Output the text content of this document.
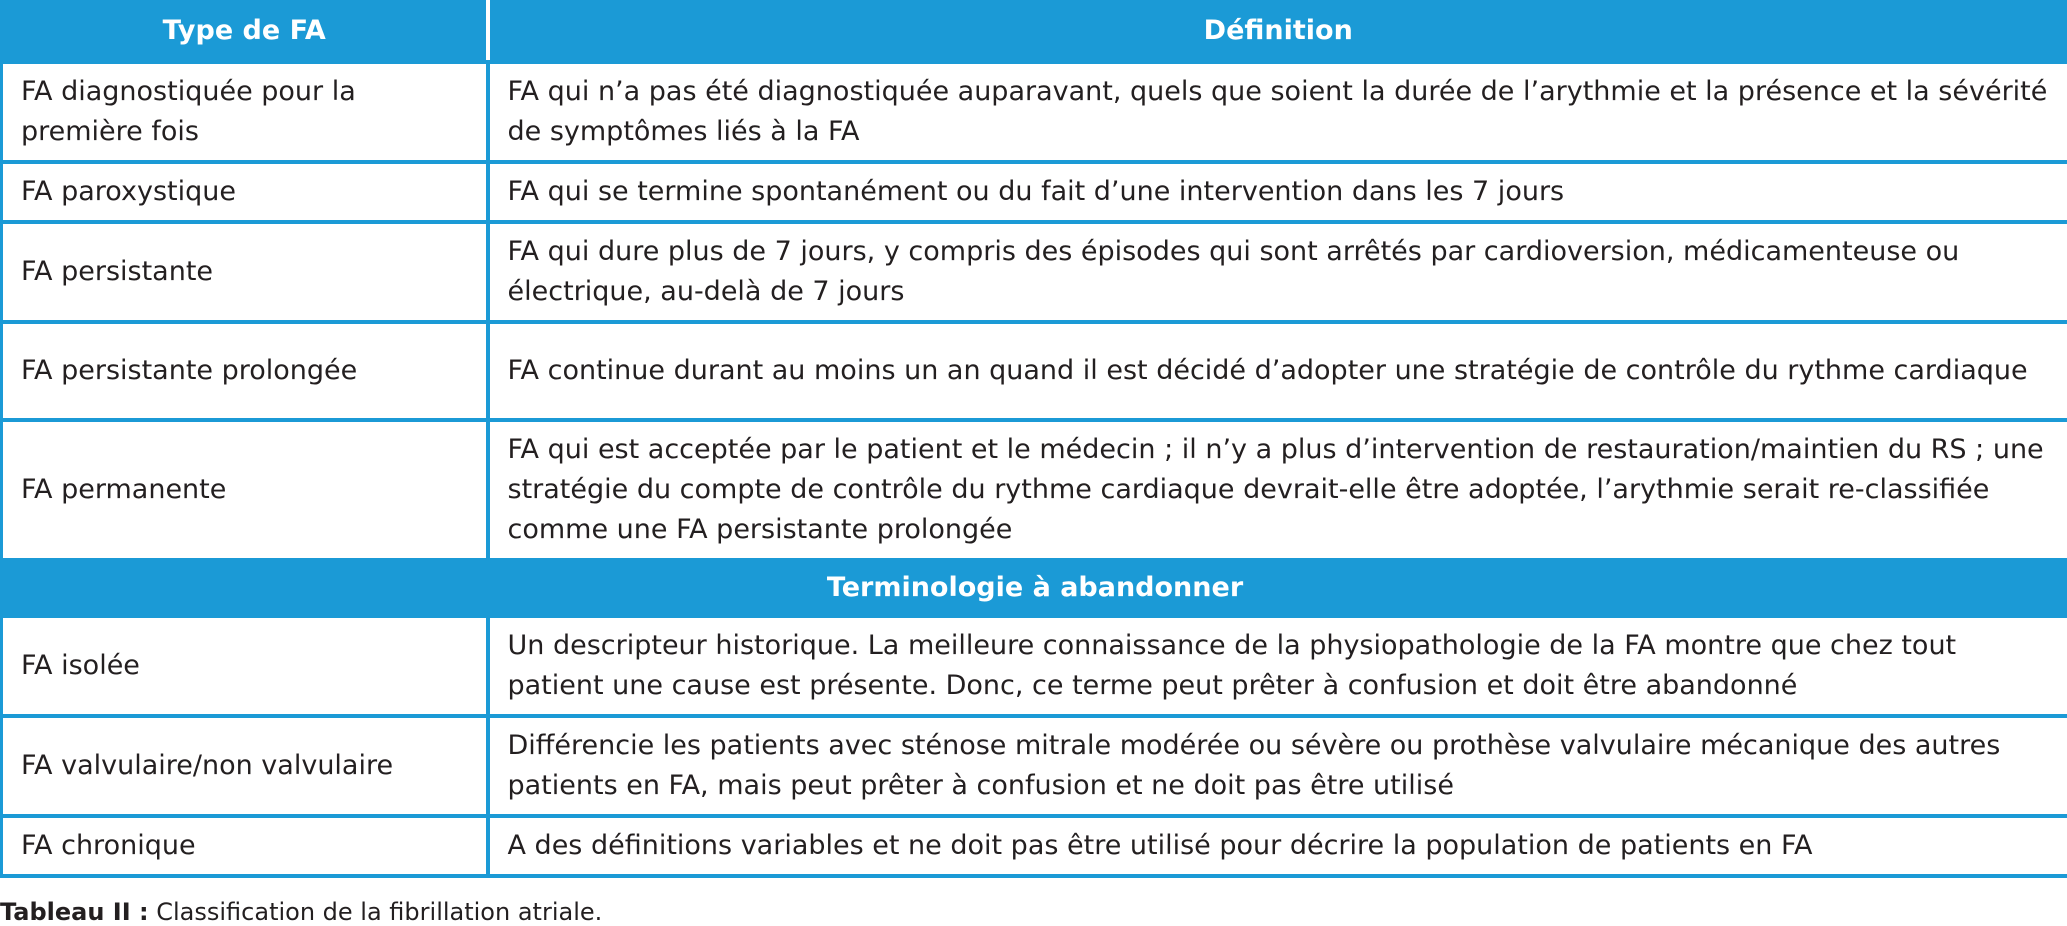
Type de FA	Définition
FA diagnostiquée pour la première fois	FA qui n’a pas été diagnostiquée auparavant, quels que soient la durée de l’arythmie et la présence et la sévérité de symptômes liés à la FA
FA paroxystique	FA qui se termine spontanément ou du fait d’une intervention dans les 7 jours
FA persistante	FA qui dure plus de 7 jours, y compris des épisodes qui sont arrêtés par cardioversion, médicamenteuse ou électrique, au-delà de 7 jours
FA persistante prolongée	FA continue durant au moins un an quand il est décidé d’adopter une stratégie de contrôle du rythme cardiaque
FA permanente	FA qui est acceptée par le patient et le médecin ; il n’y a plus d’intervention de restauration/maintien du RS ; une stratégie du compte de contrôle du rythme cardiaque devrait-elle être adoptée, l’arythmie serait re-classifiée comme une FA persistante prolongée
Terminologie à abandonner	
FA isolée	Un descripteur historique. La meilleure connaissance de la physiopathologie de la FA montre que chez tout patient une cause est présente. Donc, ce terme peut prêter à confusion et doit être abandonné
FA valvulaire/non valvulaire	Différencie les patients avec sténose mitrale modérée ou sévère ou prothèse valvulaire mécanique des autres patients en FA, mais peut prêter à confusion et ne doit pas être utilisé
FA chronique	A des définitions variables et ne doit pas être utilisé pour décrire la population de patients en FA
Tableau II : Classification de la fibrillation atriale.
